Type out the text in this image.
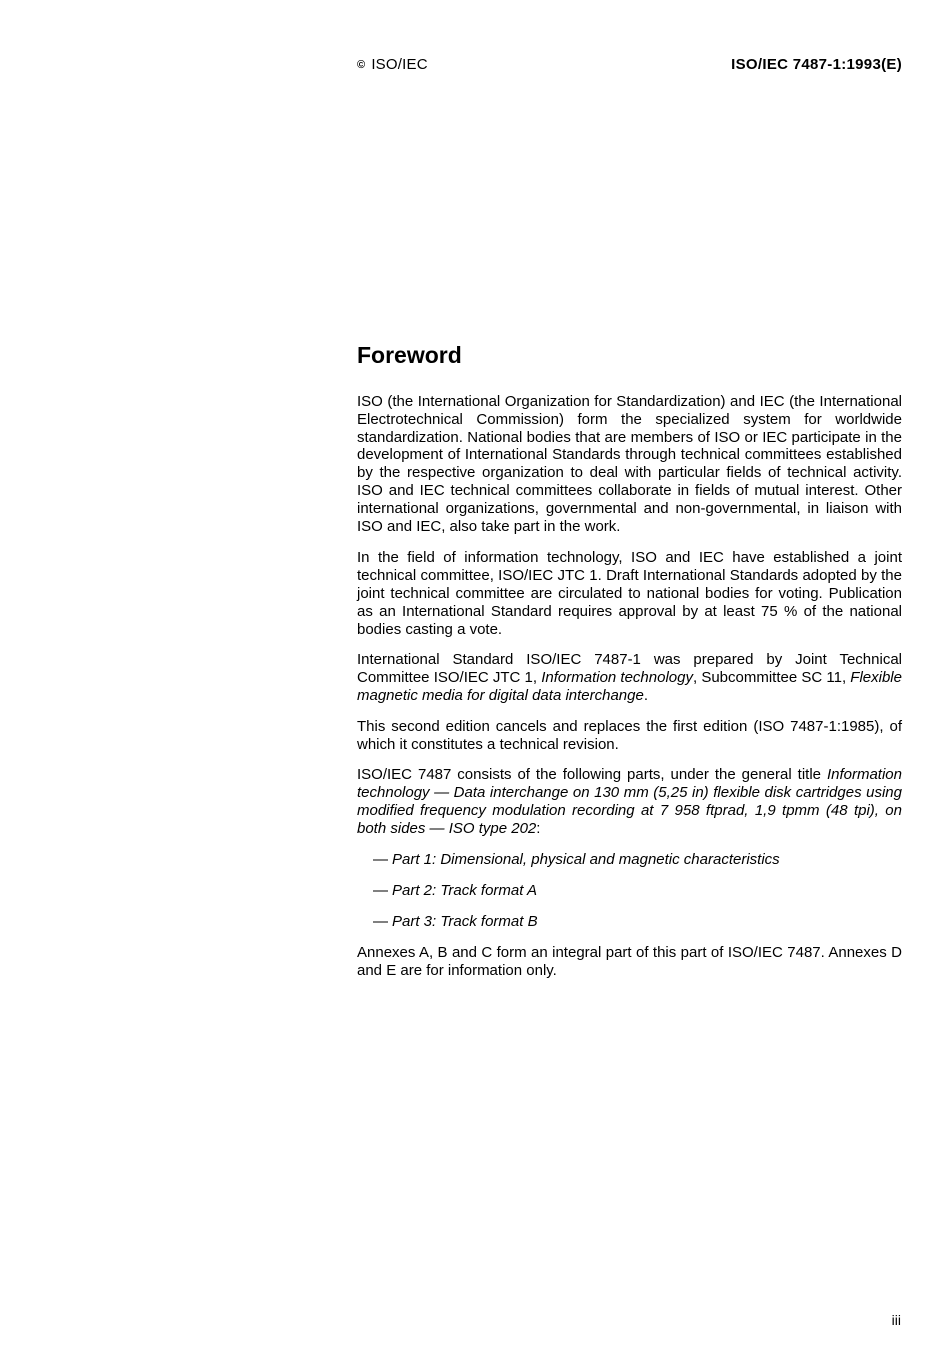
© ISO/IEC	ISO/IEC 7487-1:1993(E)
Foreword

ISO (the International Organization for Standardization) and IEC (the International Electrotechnical Commission) form the specialized system for worldwide standardization. National bodies that are members of ISO or IEC participate in the development of International Standards through technical committees established by the respective organization to deal with particular fields of technical activity. ISO and IEC technical committees collaborate in fields of mutual interest. Other international organizations, governmental and non-governmental, in liaison with ISO and IEC, also take part in the work.

In the field of information technology, ISO and IEC have established a joint technical committee, ISO/IEC JTC 1. Draft International Standards adopted by the joint technical committee are circulated to national bodies for voting. Publication as an International Standard requires approval by at least 75 % of the national bodies casting a vote.

International Standard ISO/IEC 7487-1 was prepared by Joint Technical Committee ISO/IEC JTC 1, Information technology, Subcommittee SC 11, Flexible magnetic media for digital data interchange.

This second edition cancels and replaces the first edition (ISO 7487-1:1985), of which it constitutes a technical revision.

ISO/IEC 7487 consists of the following parts, under the general title Information technology — Data interchange on 130 mm (5,25 in) flexible disk cartridges using modified frequency modulation recording at 7 958 ftprad, 1,9 tpmm (48 tpi), on both sides — ISO type 202:

— Part 1: Dimensional, physical and magnetic characteristics
— Part 2: Track format A
— Part 3: Track format B

Annexes A, B and C form an integral part of this part of ISO/IEC 7487. Annexes D and E are for information only.

iii
